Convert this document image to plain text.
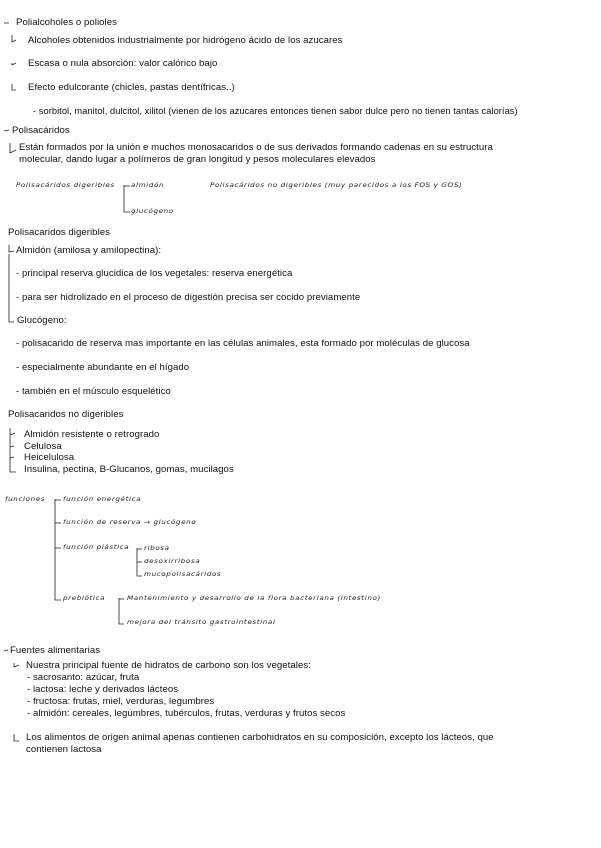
Polialcoholes o polioles
Alcoholes obtenidos industrialmente por hidrógeno ácido de los azucares
Escasa o nula absorción: valor calórico bajo
Efecto edulcorante (chicles, pastas dentífricas..)
- sorbitol, manitol, dulcitol, xilitol (vienen de los azucares entonces tienen sabor dulce pero no tienen tantas calorías)
Polisacáridos
Están formados por la unión e muchos monosacaridos o de sus derivados formando cadenas en su estructura
molecular, dando lugar a polímeros de gran longitud y pesos moleculares elevados
Polisacáridos digeribles almidón
glucógeno
Polisacáridos no digeribles (muy parecidos a los FOS y GOS)
Polisacaridos digeribles
Almidón (amilosa y amilopectina):
- principal reserva glucidica de los vegetales: reserva energética
- para ser hidrolizado en el proceso de digestión precisa ser cocido previamente
Glucógeno:
- polisacarido de reserva mas importante en las células animales, esta formado por moléculas de glucosa
- especialmente abundante en el hígado
- también en el músculo esquelético
Polisacaridos no digeribles
Almidón resistente o retrogrado
Celulosa
Heicelulosa
Insulina, pectina, B-Glucanos, gomas, mucilagos
funciones función energética
función de reserva → glucógeno
función plástica ribosa
desoxirribosa
mucopolisacáridos
prebiótica	Mantenimiento y desarrollo de la flora bacteriana (intestino)
mejora del tránsito gastrointestinal
Fuentes alimentarias
Nuestra principal fuente de hidratos de carbono son los vegetales:
- sacrosanto: azúcar, fruta
- lactosa: leche y derivados lácteos
- fructosa: frutas, miel, verduras, legumbres
- almidón: cereales, legumbres, tubérculos, frutas, verduras y frutos secos
Los alimentos de origen animal apenas contienen carbohidratos en su composición, excepto los lácteos, que
contienen lactosa
